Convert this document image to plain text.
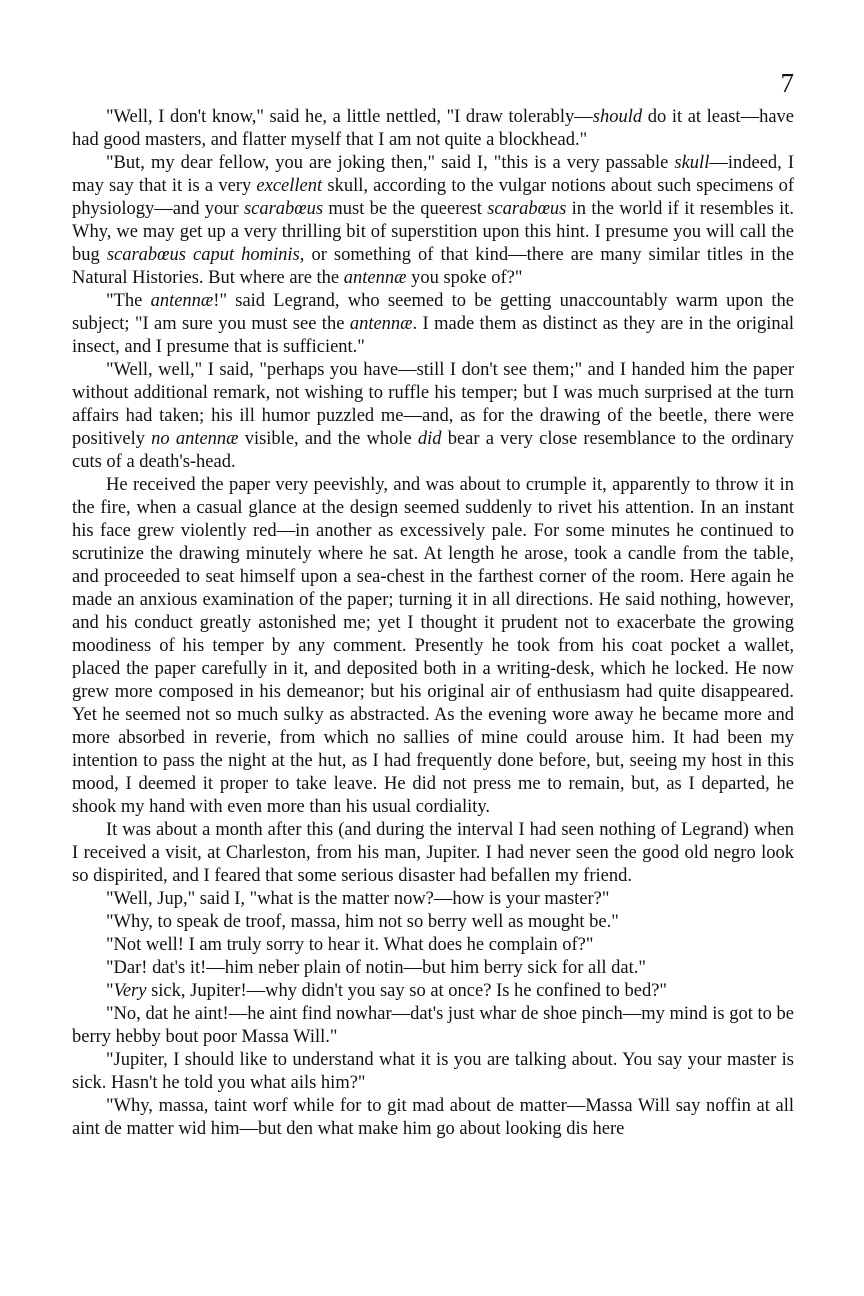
7

"Well, I don't know," said he, a little nettled, "I draw tolerably—should do it at least—have had good masters, and flatter myself that I am not quite a blockhead."

"But, my dear fellow, you are joking then," said I, "this is a very passable skull—indeed, I may say that it is a very excellent skull, according to the vulgar notions about such specimens of physiology—and your scarabœus must be the queerest scarabœus in the world if it resembles it. Why, we may get up a very thrilling bit of superstition upon this hint. I presume you will call the bug scarabœus caput hominis, or something of that kind—there are many similar titles in the Natural Histories. But where are the antennæ you spoke of?"

"The antennæ!" said Legrand, who seemed to be getting unaccountably warm upon the subject; "I am sure you must see the antennæ. I made them as distinct as they are in the original insect, and I presume that is sufficient."

"Well, well," I said, "perhaps you have—still I don't see them;" and I handed him the paper without additional remark, not wishing to ruffle his temper; but I was much surprised at the turn affairs had taken; his ill humor puzzled me—and, as for the drawing of the beetle, there were positively no antennæ visible, and the whole did bear a very close resemblance to the ordinary cuts of a death's-head.

He received the paper very peevishly, and was about to crumple it, apparently to throw it in the fire, when a casual glance at the design seemed suddenly to rivet his attention. In an instant his face grew violently red—in another as excessively pale. For some minutes he continued to scrutinize the drawing minutely where he sat. At length he arose, took a candle from the table, and proceeded to seat himself upon a sea-chest in the farthest corner of the room. Here again he made an anxious examination of the paper; turning it in all directions. He said nothing, however, and his conduct greatly astonished me; yet I thought it prudent not to exacerbate the growing moodiness of his temper by any comment. Presently he took from his coat pocket a wallet, placed the paper carefully in it, and deposited both in a writing-desk, which he locked. He now grew more composed in his demeanor; but his original air of enthusiasm had quite disappeared. Yet he seemed not so much sulky as abstracted. As the evening wore away he became more and more absorbed in reverie, from which no sallies of mine could arouse him. It had been my intention to pass the night at the hut, as I had frequently done before, but, seeing my host in this mood, I deemed it proper to take leave. He did not press me to remain, but, as I departed, he shook my hand with even more than his usual cordiality.

It was about a month after this (and during the interval I had seen nothing of Legrand) when I received a visit, at Charleston, from his man, Jupiter. I had never seen the good old negro look so dispirited, and I feared that some serious disaster had befallen my friend.

"Well, Jup," said I, "what is the matter now?—how is your master?"

"Why, to speak de troof, massa, him not so berry well as mought be."

"Not well! I am truly sorry to hear it. What does he complain of?"

"Dar! dat's it!—him neber plain of notin—but him berry sick for all dat."

"Very sick, Jupiter!—why didn't you say so at once? Is he confined to bed?"

"No, dat he aint!—he aint find nowhar—dat's just whar de shoe pinch—my mind is got to be berry hebby bout poor Massa Will."

"Jupiter, I should like to understand what it is you are talking about. You say your master is sick. Hasn't he told you what ails him?"

"Why, massa, taint worf while for to git mad about de matter—Massa Will say noffin at all aint de matter wid him—but den what make him go about looking dis here
